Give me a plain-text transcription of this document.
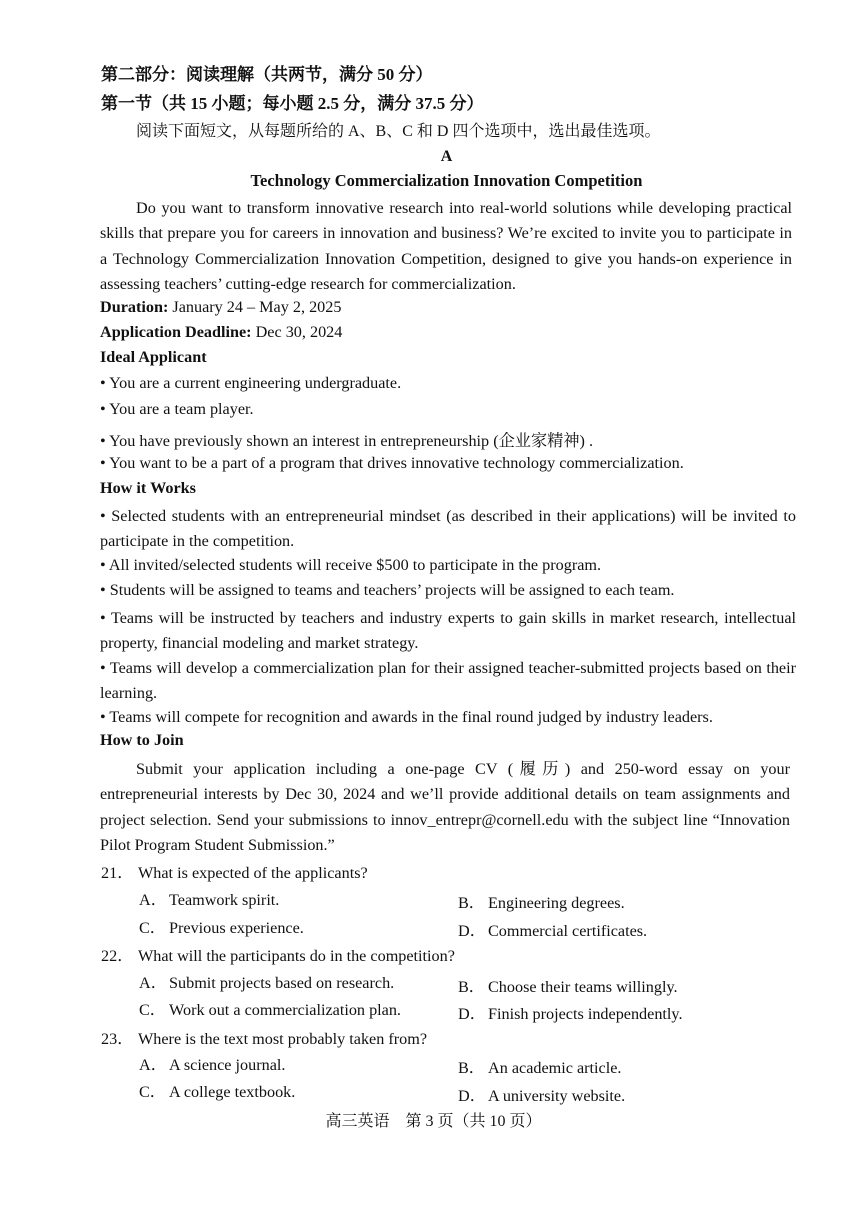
第二部分：阅读理解（共两节，满分 50 分）
第一节（共 15 小题；每小题 2.5 分，满分 37.5 分）
阅读下面短文，从每题所给的 A、B、C 和 D 四个选项中，选出最佳选项。
A
Technology Commercialization Innovation Competition
Do you want to transform innovative research into real-world solutions while developing practical skills that prepare you for careers in innovation and business? We’re excited to invite you to participate in a Technology Commercialization Innovation Competition, designed to give you hands-on experience in assessing teachers’ cutting-edge research for commercialization.
Duration: January 24 – May 2, 2025
Application Deadline: Dec 30, 2024
Ideal Applicant
• You are a current engineering undergraduate.
• You are a team player.
• You have previously shown an interest in entrepreneurship (企业家精神) .
• You want to be a part of a program that drives innovative technology commercialization.
How it Works
• Selected students with an entrepreneurial mindset (as described in their applications) will be invited to participate in the competition.
• All invited/selected students will receive $500 to participate in the program.
• Students will be assigned to teams and teachers’ projects will be assigned to each team.
• Teams will be instructed by teachers and industry experts to gain skills in market research, intellectual property, financial modeling and market strategy.
• Teams will develop a commercialization plan for their assigned teacher-submitted projects based on their learning.
• Teams will compete for recognition and awards in the final round judged by industry leaders.
How to Join
Submit your application including a one-page CV (履历) and 250-word essay on your entrepreneurial interests by Dec 30, 2024 and we’ll provide additional details on team assignments and project selection. Send your submissions to innov_entrepr@cornell.edu with the subject line “Innovation Pilot Program Student Submission.”
21． What is expected of the applicants?
A． Teamwork spirit.	B． Engineering degrees.
C． Previous experience.	D． Commercial certificates.
22． What will the participants do in the competition?
A． Submit projects based on research.	B． Choose their teams willingly.
C． Work out a commercialization plan.	D． Finish projects independently.
23． Where is the text most probably taken from?
A． A science journal.	B． An academic article.
C． A college textbook.	D． A university website.
高三英语　第 3 页（共 10 页）
